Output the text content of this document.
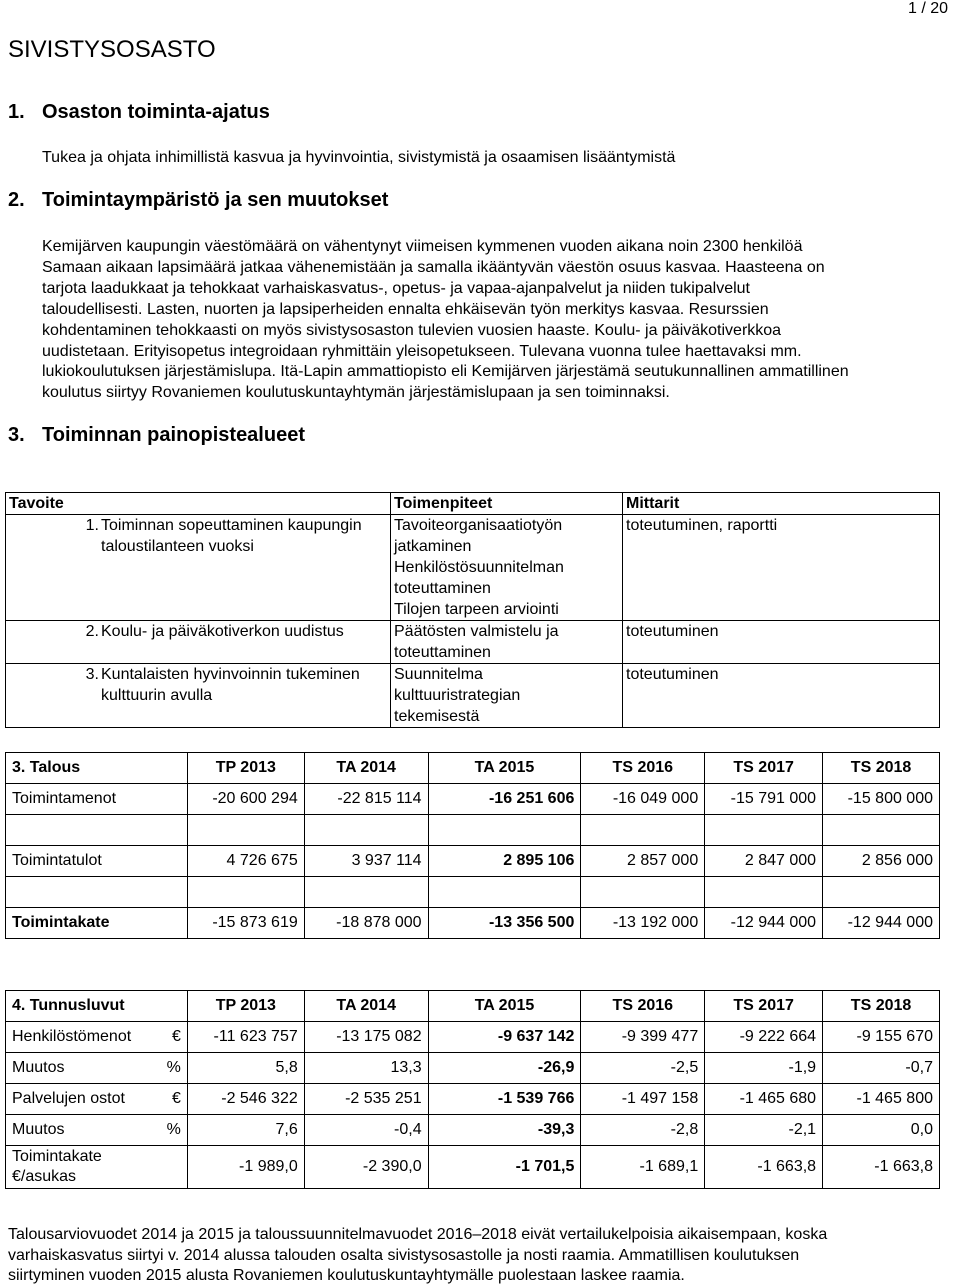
1 / 20
SIVISTYSOSASTO
1. Osaston toiminta-ajatus
Tukea ja ohjata inhimillistä kasvua ja hyvinvointia, sivistymistä ja osaamisen lisääntymistä
2. Toimintaympäristö ja sen muutokset
Kemijärven kaupungin väestömäärä on vähentynyt viimeisen kymmenen vuoden aikana noin 2300 henkilöä
Samaan aikaan lapsimäärä jatkaa vähenemistään ja samalla ikääntyvän väestön osuus kasvaa. Haasteena on
tarjota laadukkaat ja tehokkaat varhaiskasvatus-, opetus- ja vapaa-ajanpalvelut ja niiden tukipalvelut
taloudellisesti. Lasten, nuorten ja lapsiperheiden ennalta ehkäisevän työn merkitys kasvaa. Resurssien
kohdentaminen tehokkaasti on myös sivistysosaston tulevien vuosien haaste. Koulu- ja päiväkotiverkkoa
uudistetaan. Erityisopetus integroidaan ryhmittäin yleisopetukseen. Tulevana vuonna tulee haettavaksi mm.
lukiokoulutuksen järjestämislupa. Itä-Lapin ammattiopisto eli Kemijärven järjestämä seutukunnallinen ammatillinen
koulutus siirtyy Rovaniemen koulutuskuntayhtymän järjestämislupaan ja sen toiminnaksi.
3. Toiminnan painopistealueet
Tavoite		Toimenpiteet	Mittarit
1.	Toiminnan sopeuttaminen kaupungin taloustilanteen vuoksi	Tavoiteorganisaatiotyön
jatkaminen
Henkilöstösuunnitelman
toteuttaminen
Tilojen tarpeen arviointi	toteutuminen, raportti
2.	Koulu- ja päiväkotiverkon uudistus	Päätösten valmistelu ja
toteuttaminen	toteutuminen
3.	Kuntalaisten hyvinvoinnin tukeminen kulttuurin avulla	Suunnitelma
kulttuuristrategian
tekemisestä	toteutuminen
3. Talous	TP 2013	TA 2014	TA 2015	TS 2016	TS 2017	TS 2018
Toimintamenot	-20 600 294	-22 815 114	-16 251 606	-16 049 000	-15 791 000	-15 800 000

Toimintatulot	4 726 675	3 937 114	2 895 106	2 857 000	2 847 000	2 856 000

Toimintakate	-15 873 619	-18 878 000	-13 356 500	-13 192 000	-12 944 000	-12 944 000
4. Tunnusluvut	TP 2013	TA 2014	TA 2015	TS 2016	TS 2017	TS 2018
Henkilöstömenot €	-11 623 757	-13 175 082	-9 637 142	-9 399 477	-9 222 664	-9 155 670
Muutos %	5,8	13,3	-26,9	-2,5	-1,9	-0,7
Palvelujen ostot €	-2 546 322	-2 535 251	-1 539 766	-1 497 158	-1 465 680	-1 465 800
Muutos %	7,6	-0,4	-39,3	-2,8	-2,1	0,0

Toimintakate
€/asukas	-1 989,0	-2 390,0	-1 701,5	-1 689,1	-1 663,8	-1 663,8
Talousarviovuodet 2014 ja 2015 ja taloussuunnitelmavuodet 2016–2018 eivät vertailukelpoisia aikaisempaan, koska
varhaiskasvatus siirtyi v. 2014 alussa talouden osalta sivistysosastolle ja nosti raamia. Ammatillisen koulutuksen
siirtyminen vuoden 2015 alusta Rovaniemen koulutuskuntayhtymälle puolestaan laskee raamia.
